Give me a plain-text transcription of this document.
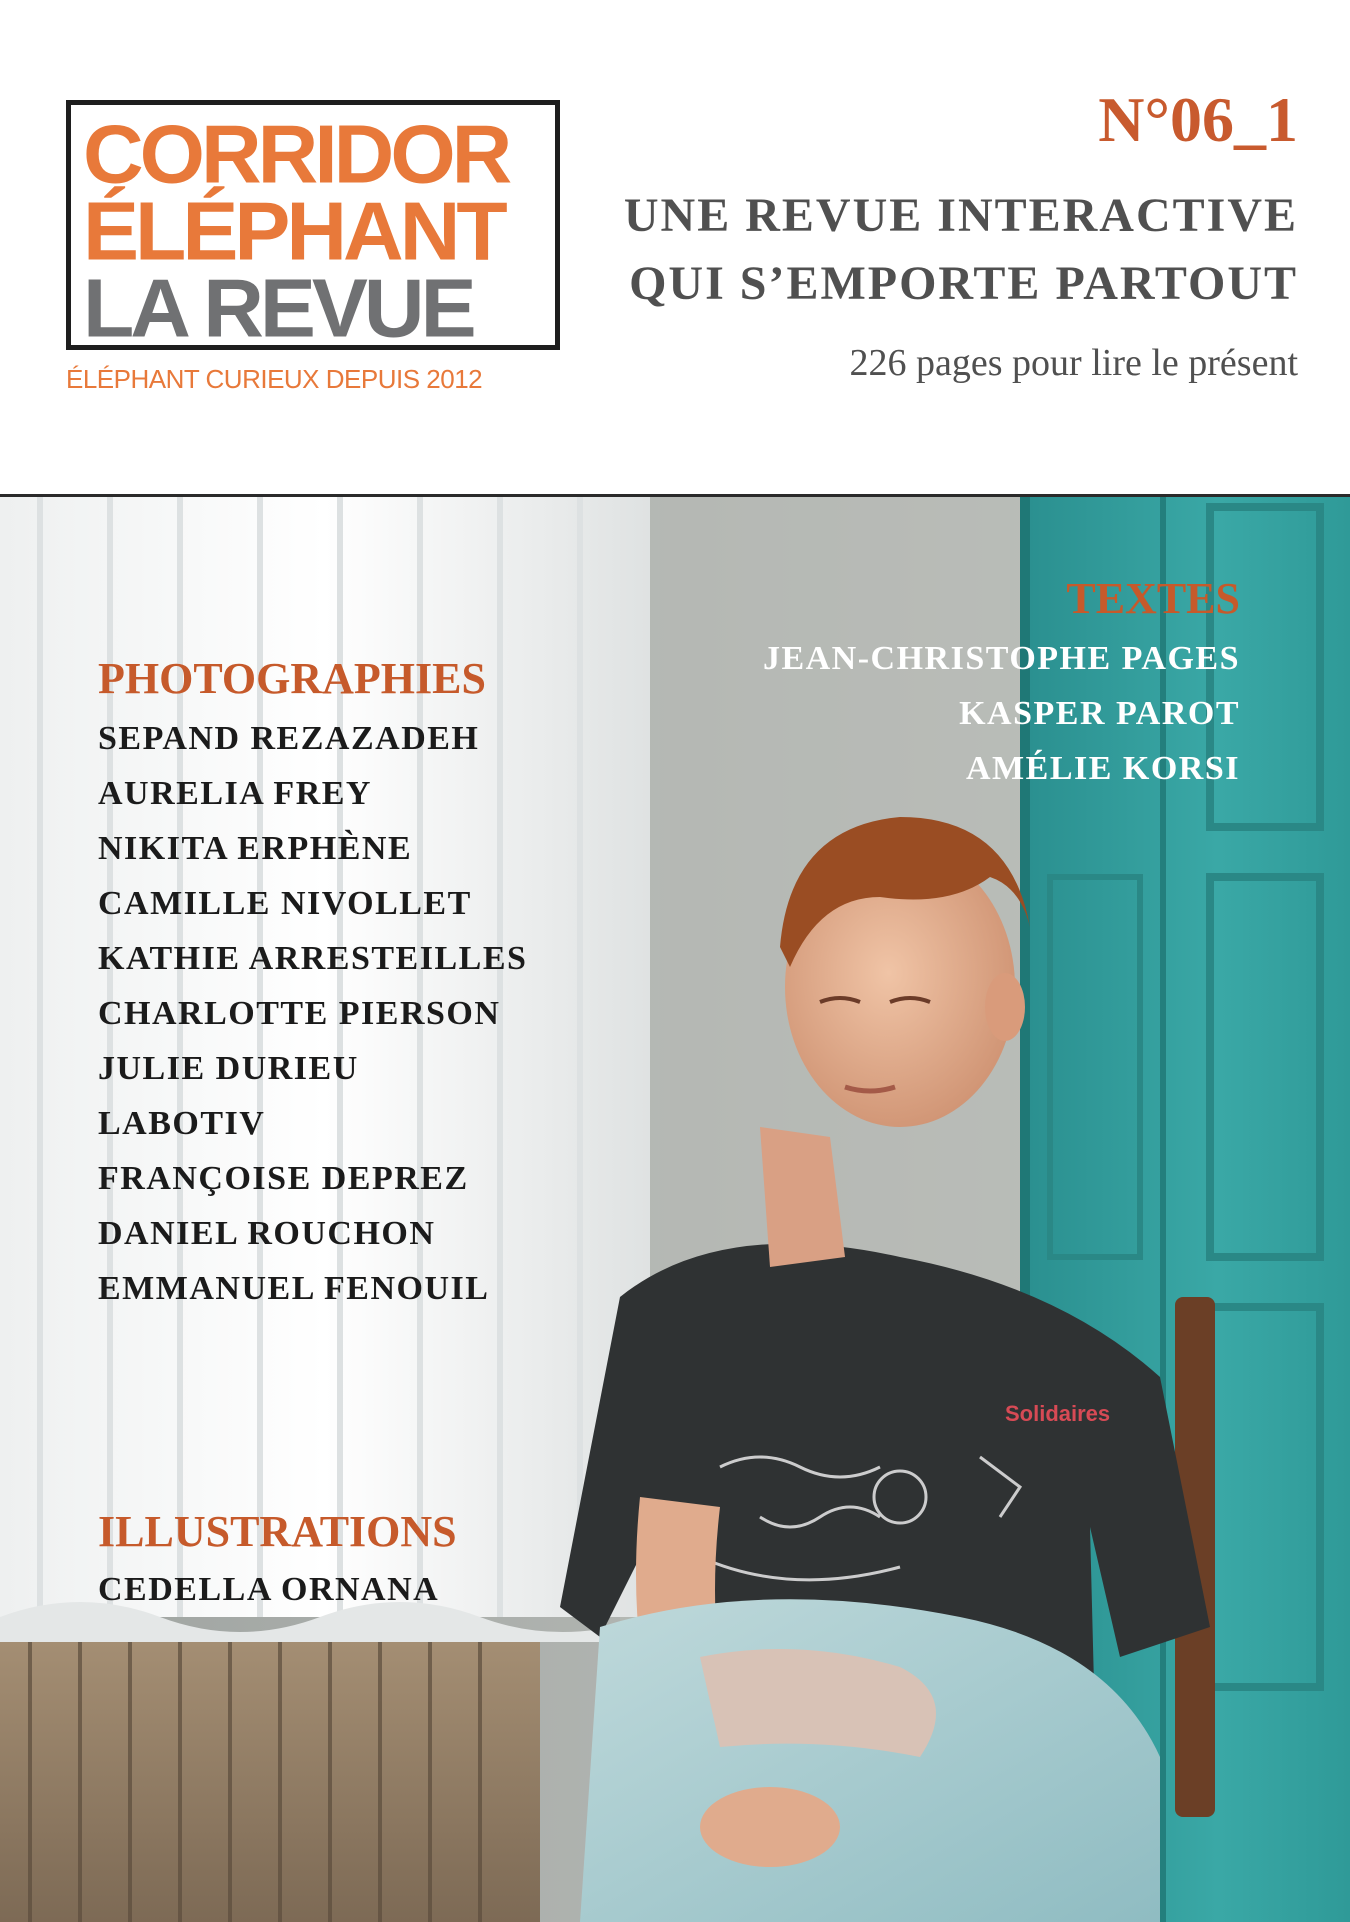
CORRIDOR
ÉLÉPHANT
LA REVUE
ÉLÉPHANT CURIEUX DEPUIS 2012
N°06_1
UNE REVUE INTERACTIVE
QUI S’EMPORTE PARTOUT
226 pages pour lire le présent
Solidaires
PHOTOGRAPHIES
SEPAND REZAZADEH
AURELIA FREY
NIKITA ERPHÈNE
CAMILLE NIVOLLET
KATHIE ARRESTEILLES
CHARLOTTE PIERSON
JULIE DURIEU
LABOTIV
FRANÇOISE DEPREZ
DANIEL ROUCHON
EMMANUEL FENOUIL
TEXTES
JEAN-CHRISTOPHE PAGES
KASPER PAROT
AMÉLIE KORSI
ILLUSTRATIONS
CEDELLA ORNANA
